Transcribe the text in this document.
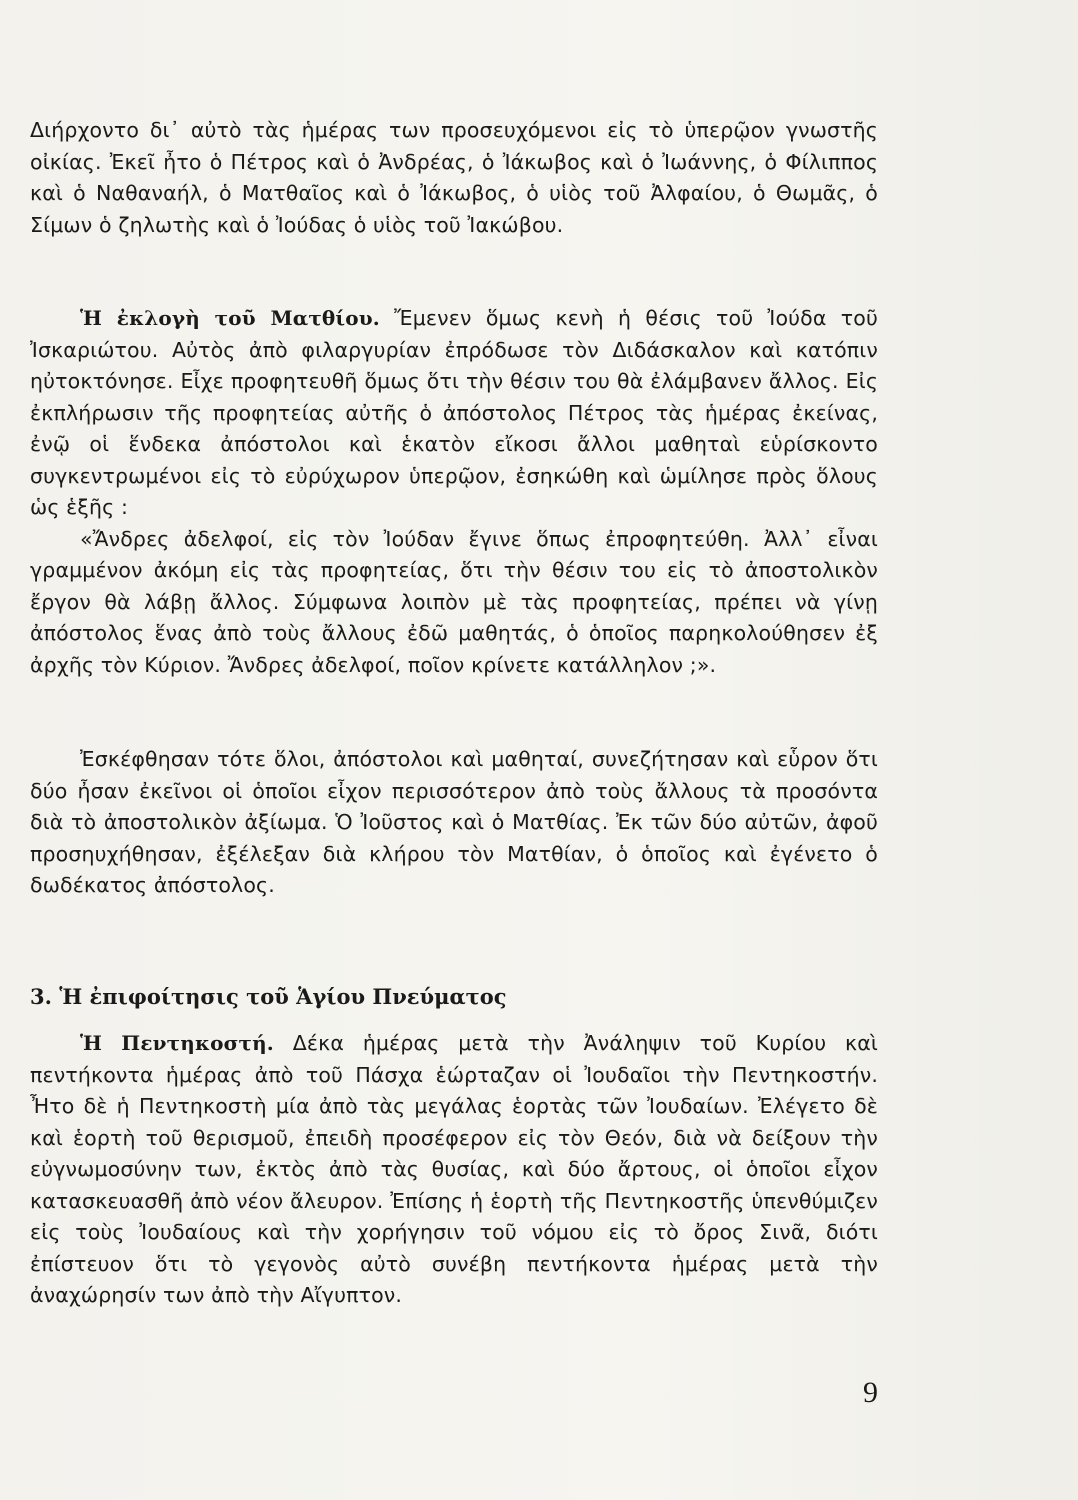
Διήρχοντο δι᾽ αὐτὸ τὰς ἡμέρας των προσευχόμενοι εἰς τὸ ὑπερῷον γνωστῆς οἰκίας. Ἐκεῖ ἦτο ὁ Πέτρος καὶ ὁ Ἀνδρέας, ὁ Ἰάκωβος καὶ ὁ Ἰωάννης, ὁ Φίλιππος καὶ ὁ Ναθαναήλ, ὁ Ματθαῖος καὶ ὁ Ἰάκωβος, ὁ υἱὸς τοῦ Ἀλφαίου, ὁ Θωμᾶς, ὁ Σίμων ὁ ζηλωτὴς καὶ ὁ Ἰούδας ὁ υἱὸς τοῦ Ἰακώβου.

Ἡ ἐκλογὴ τοῦ Ματθίου. Ἔμενεν ὅμως κενὴ ἡ θέσις τοῦ Ἰούδα τοῦ Ἰσκαριώτου. Αὐτὸς ἀπὸ φιλαργυρίαν ἐπρόδωσε τὸν Διδάσκαλον καὶ κατόπιν ηὐτοκτόνησε. Εἶχε προφητευθῆ ὅμως ὅτι τὴν θέσιν του θὰ ἐλάμβανεν ἄλλος. Εἰς ἐκπλήρωσιν τῆς προφητείας αὐτῆς ὁ ἀπόστολος Πέτρος τὰς ἡμέρας ἐκείνας, ἐνῷ οἱ ἕνδεκα ἀπόστολοι καὶ ἑκατὸν εἴκοσι ἄλλοι μαθηταὶ εὑρίσκοντο συγκεντρωμένοι εἰς τὸ εὐρύχωρον ὑπερῷον, ἐσηκώθη καὶ ὡμίλησε πρὸς ὅλους ὡς ἑξῆς :

«Ἄνδρες ἀδελφοί, εἰς τὸν Ἰούδαν ἔγινε ὅπως ἐπροφητεύθη. Ἀλλ᾽ εἶναι γραμμένον ἀκόμη εἰς τὰς προφητείας, ὅτι τὴν θέσιν του εἰς τὸ ἀποστολικὸν ἔργον θὰ λάβῃ ἄλλος. Σύμφωνα λοιπὸν μὲ τὰς προφητείας, πρέπει νὰ γίνῃ ἀπόστολος ἕνας ἀπὸ τοὺς ἄλλους ἐδῶ μαθητάς, ὁ ὁποῖος παρηκολούθησεν ἐξ ἀρχῆς τὸν Κύριον. Ἄνδρες ἀδελφοί, ποῖον κρίνετε κατάλληλον ;».

Ἐσκέφθησαν τότε ὅλοι, ἀπόστολοι καὶ μαθηταί, συνεζήτησαν καὶ εὗρον ὅτι δύο ἦσαν ἐκεῖνοι οἱ ὁποῖοι εἶχον περισσότερον ἀπὸ τοὺς ἄλλους τὰ προσόντα διὰ τὸ ἀποστολικὸν ἀξίωμα. Ὁ Ἰοῦστος καὶ ὁ Ματθίας. Ἐκ τῶν δύο αὐτῶν, ἀφοῦ προσηυχήθησαν, ἐξέλεξαν διὰ κλήρου τὸν Ματθίαν, ὁ ὁποῖος καὶ ἐγένετο ὁ δωδέκατος ἀπόστολος.

3. Ἡ ἐπιφοίτησις τοῦ Ἁγίου Πνεύματος

Ἡ Πεντηκοστή. Δέκα ἡμέρας μετὰ τὴν Ἀνάληψιν τοῦ Κυρίου καὶ πεντήκοντα ἡμέρας ἀπὸ τοῦ Πάσχα ἑώρταζαν οἱ Ἰουδαῖοι τὴν Πεντηκοστήν. Ἦτο δὲ ἡ Πεντηκοστὴ μία ἀπὸ τὰς μεγάλας ἑορτὰς τῶν Ἰουδαίων. Ἐλέγετο δὲ καὶ ἑορτὴ τοῦ θερισμοῦ, ἐπειδὴ προσέφερον εἰς τὸν Θεόν, διὰ νὰ δείξουν τὴν εὐγνωμοσύνην των, ἐκτὸς ἀπὸ τὰς θυσίας, καὶ δύο ἄρτους, οἱ ὁποῖοι εἶχον κατασκευασθῆ ἀπὸ νέον ἄλευρον. Ἐπίσης ἡ ἑορτὴ τῆς Πεντηκοστῆς ὑπενθύμιζεν εἰς τοὺς Ἰουδαίους καὶ τὴν χορήγησιν τοῦ νόμου εἰς τὸ ὄρος Σινᾶ, διότι ἐπίστευον ὅτι τὸ γεγονὸς αὐτὸ συνέβη πεντήκοντα ἡμέρας μετὰ τὴν ἀναχώρησίν των ἀπὸ τὴν Αἴγυπτον.

9
